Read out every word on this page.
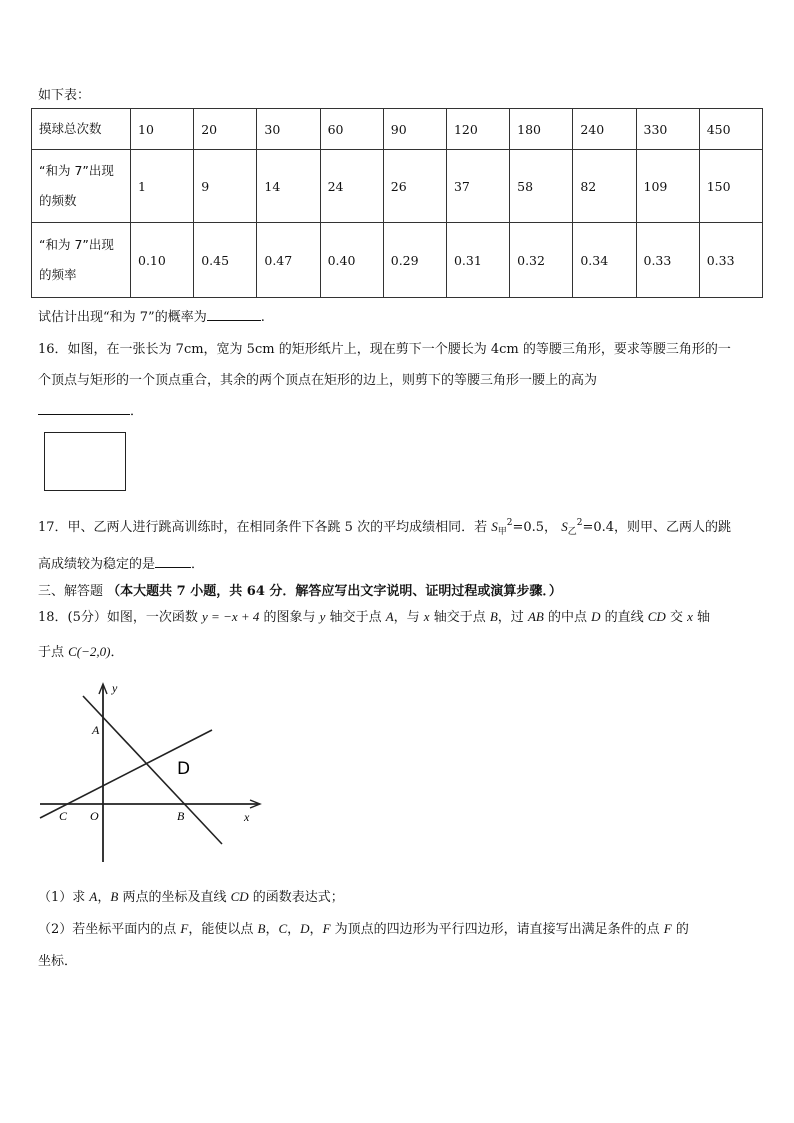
如下表：
摸球总次数	10	20	30	60	90	120	180	240	330	450
“和为 7”出现
的频数	1	9	14	24	26	37	58	82	109	150
“和为 7”出现
的频率	0.10	0.45	0.47	0.40	0.29	0.31	0.32	0.34	0.33	0.33
试估计出现“和为 7”的概率为	.
16．如图，在一张长为 7cm，宽为 5cm 的矩形纸片上，现在剪下一个腰长为 4cm 的等腰三角形，要求等腰三角形的一
个顶点与矩形的一个顶点重合，其余的两个顶点在矩形的边上，则剪下的等腰三角形一腰上的高为
．
17．甲、乙两人进行跳高训练时，在相同条件下各跳 5 次的平均成绩相同．若 $S_甲^2=0.5$， $S_乙^2=0.4$，则甲、乙两人的跳
高成绩较为稳定的是	．
三、解答题 （本大题共 7 小题，共 64 分．解答应写出文字说明、证明过程或演算步骤．）
18．(5分）如图，一次函数 y = −x + 4 的图象与 y 轴交于点 A，与 x 轴交于点 B，过 AB 的中点 D 的直线 CD 交 x 轴
于点 C(−2,0)．
y
x
A
B
C O
D
（1）求 A，B 两点的坐标及直线 CD 的函数表达式；
（2）若坐标平面内的点 F，能使以点 B，C，D，F 为顶点的四边形为平行四边形，请直接写出满足条件的点 F 的
坐标．
